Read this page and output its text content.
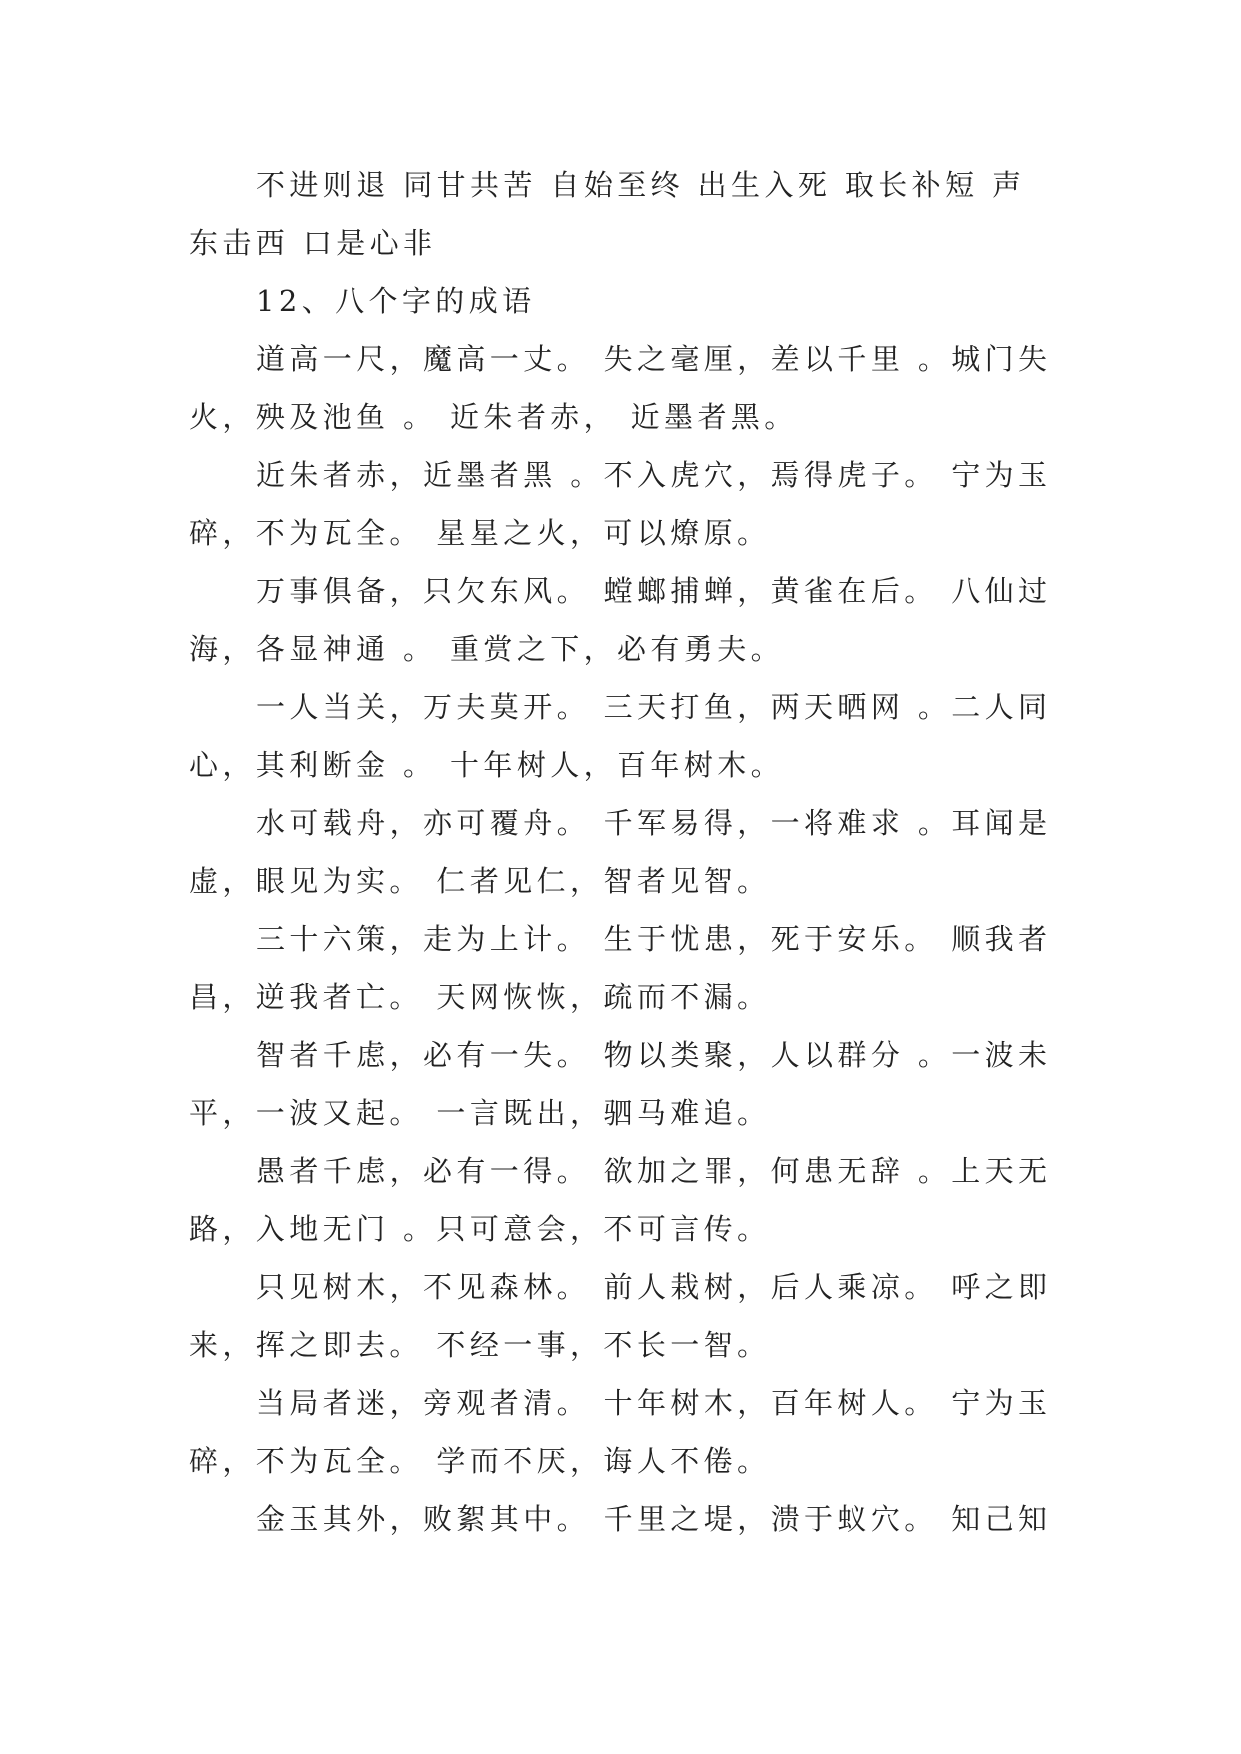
不进则退 同甘共苦 自始至终 出生入死 取长补短 声东击西 口是心非

12、八个字的成语

道高一尺，魔高一丈。 失之毫厘，差以千里 。城门失火，殃及池鱼 。 近朱者赤， 近墨者黑。

近朱者赤，近墨者黑 。不入虎穴，焉得虎子。 宁为玉碎，不为瓦全。 星星之火，可以燎原。

万事俱备，只欠东风。 螳螂捕蝉，黄雀在后。 八仙过海，各显神通 。 重赏之下，必有勇夫。

一人当关，万夫莫开。 三天打鱼，两天晒网 。二人同心，其利断金 。 十年树人，百年树木。

水可载舟，亦可覆舟。 千军易得，一将难求 。耳闻是虚，眼见为实。 仁者见仁，智者见智。

三十六策，走为上计。 生于忧患，死于安乐。 顺我者昌，逆我者亡。 天网恢恢，疏而不漏。

智者千虑，必有一失。 物以类聚，人以群分 。一波未平，一波又起。 一言既出，驷马难追。

愚者千虑，必有一得。 欲加之罪，何患无辞 。上天无路，入地无门 。只可意会，不可言传。

只见树木，不见森林。 前人栽树，后人乘凉。 呼之即来，挥之即去。 不经一事，不长一智。

当局者迷，旁观者清。 十年树木，百年树人。 宁为玉碎，不为瓦全。 学而不厌，诲人不倦。

金玉其外，败絮其中。 千里之堤，溃于蚁穴。 知己知
